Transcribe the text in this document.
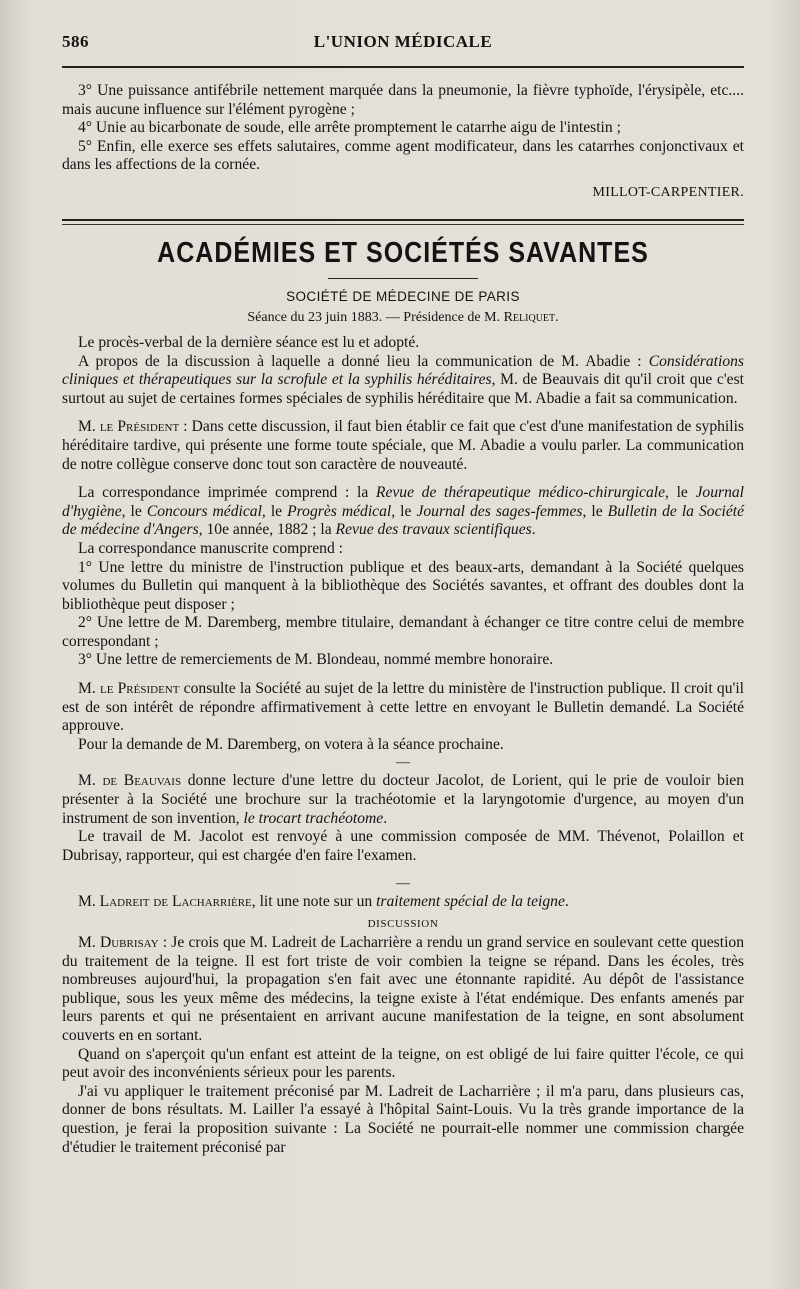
586	L'UNION MÉDICALE

3° Une puissance antifébrile nettement marquée dans la pneumonie, la fièvre typhoïde, l'érysipèle, etc.... mais aucune influence sur l'élément pyrogène ;

4° Unie au bicarbonate de soude, elle arrête promptement le catarrhe aigu de l'intestin ;

5° Enfin, elle exerce ses effets salutaires, comme agent modificateur, dans les catarrhes conjonctivaux et dans les affections de la cornée.

MILLOT-CARPENTIER.
ACADÉMIES ET SOCIÉTÉS SAVANTES
SOCIÉTÉ DE MÉDECINE DE PARIS
Séance du 23 juin 1883. — Présidence de M. Reliquet.

Le procès-verbal de la dernière séance est lu et adopté.

A propos de la discussion à laquelle a donné lieu la communication de M. Abadie : Considérations cliniques et thérapeutiques sur la scrofule et la syphilis héréditaires, M. de Beauvais dit qu'il croit que c'est surtout au sujet de certaines formes spéciales de syphilis héréditaire que M. Abadie a fait sa communication.

M. le Président : Dans cette discussion, il faut bien établir ce fait que c'est d'une manifestation de syphilis héréditaire tardive, qui présente une forme toute spéciale, que M. Abadie a voulu parler. La communication de notre collègue conserve donc tout son caractère de nouveauté.

La correspondance imprimée comprend : la Revue de thérapeutique médico-chirurgicale, le Journal d'hygiène, le Concours médical, le Progrès médical, le Journal des sages-femmes, le Bulletin de la Société de médecine d'Angers, 10e année, 1882 ; la Revue des travaux scientifiques.

La correspondance manuscrite comprend :

1° Une lettre du ministre de l'instruction publique et des beaux-arts, demandant à la Société quelques volumes du Bulletin qui manquent à la bibliothèque des Sociétés savantes, et offrant des doubles dont la bibliothèque peut disposer ;

2° Une lettre de M. Daremberg, membre titulaire, demandant à échanger ce titre contre celui de membre correspondant ;

3° Une lettre de remerciements de M. Blondeau, nommé membre honoraire.

M. le Président consulte la Société au sujet de la lettre du ministère de l'instruction publique. Il croit qu'il est de son intérêt de répondre affirmativement à cette lettre en envoyant le Bulletin demandé. La Société approuve.

Pour la demande de M. Daremberg, on votera à la séance prochaine.

—

M. de Beauvais donne lecture d'une lettre du docteur Jacolot, de Lorient, qui le prie de vouloir bien présenter à la Société une brochure sur la trachéotomie et la laryngotomie d'urgence, au moyen d'un instrument de son invention, le trocart trachéotome.

Le travail de M. Jacolot est renvoyé à une commission composée de MM. Thévenot, Polaillon et Dubrisay, rapporteur, qui est chargée d'en faire l'examen.

—

M. Ladreit de Lacharrière, lit une note sur un traitement spécial de la teigne.

DISCUSSION

M. Dubrisay : Je crois que M. Ladreit de Lacharrière a rendu un grand service en soulevant cette question du traitement de la teigne. Il est fort triste de voir combien la teigne se répand. Dans les écoles, très nombreuses aujourd'hui, la propagation s'en fait avec une étonnante rapidité. Au dépôt de l'assistance publique, sous les yeux même des médecins, la teigne existe à l'état endémique. Des enfants amenés par leurs parents et qui ne présentaient en arrivant aucune manifestation de la teigne, en sont absolument couverts en en sortant.

Quand on s'aperçoit qu'un enfant est atteint de la teigne, on est obligé de lui faire quitter l'école, ce qui peut avoir des inconvénients sérieux pour les parents.

J'ai vu appliquer le traitement préconisé par M. Ladreit de Lacharrière ; il m'a paru, dans plusieurs cas, donner de bons résultats. M. Lailler l'a essayé à l'hôpital Saint-Louis. Vu la très grande importance de la question, je ferai la proposition suivante : La Société ne pourrait-elle nommer une commission chargée d'étudier le traitement préconisé par
